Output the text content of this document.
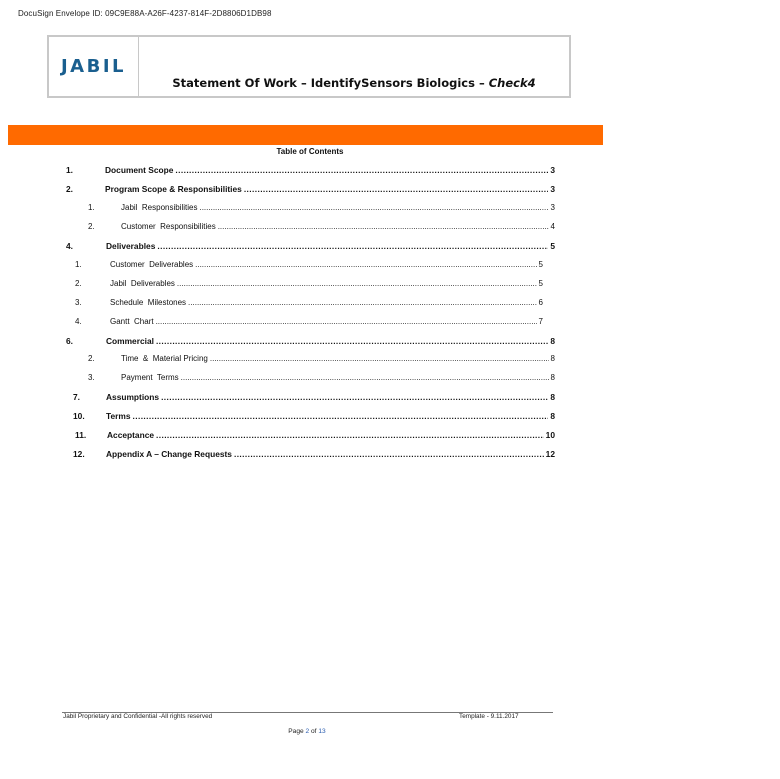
DocuSign Envelope ID: 09C9E88A-A26F-4237-814F-2D8806D1DB98
JABIL
Statement Of Work – IdentifySensors Biologics – Check4
Table of Contents
1.	Document Scope .....	3
2.	Program Scope & Responsibilities .....	3
1.	Jabil  Responsibilities .....	3
2.	Customer  Responsibilities .....	4
4.	Deliverables .....	5
1.	Customer  Deliverables .....	5
2.	Jabil  Deliverables .....	5
3.	Schedule  Milestones .....	6
4.	Gantt  Chart .....	7
6.	Commercial .....	8
2.	Time  &  Material Pricing .....	8
3.	Payment  Terms .....	8
7.	Assumptions .....	8
10.	Terms .....	8
11. Acceptance .....	10
12.	Appendix A – Change Requests .....	12
Jabil Proprietary and Confidential -All rights reserved	Template - 9.11.2017
Page 2 of 13
